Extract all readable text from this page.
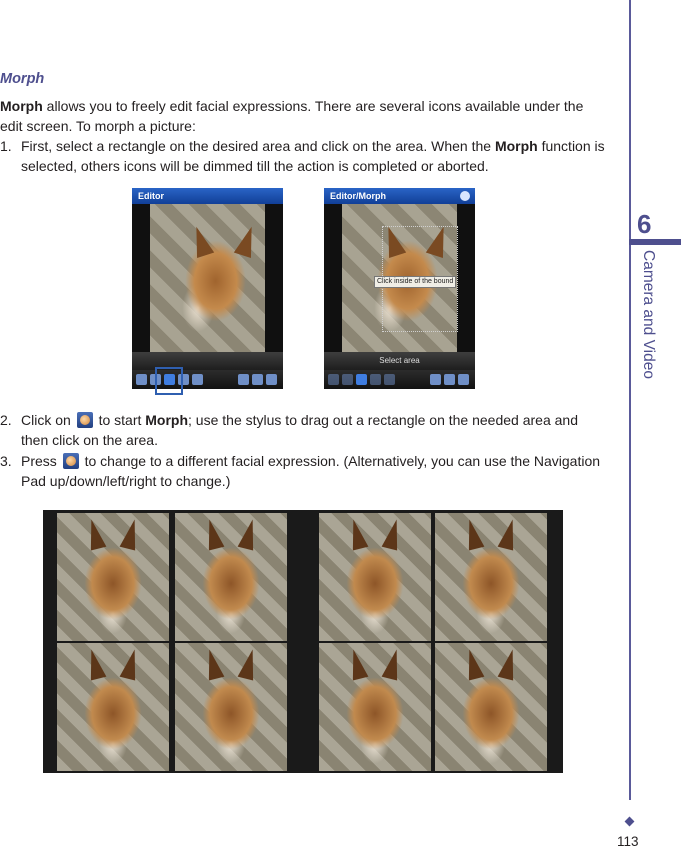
6
Camera and Video
113
Morph
Morph allows you to freely edit facial expressions. There are several icons available under the edit screen. To morph a picture:
1. First, select a rectangle on the desired area and click on the area. When the Morph function is selected, others icons will be dimmed till the action is completed or aborted.
Editor	Editor/Morph
Click inside of the bound
Select area
2. Click on  to start Morph; use the stylus to drag out a rectangle on the needed area and then click on the area.
3. Press  to change to a different facial expression. (Alternatively, you can use the Navigation Pad up/down/left/right to change.)
